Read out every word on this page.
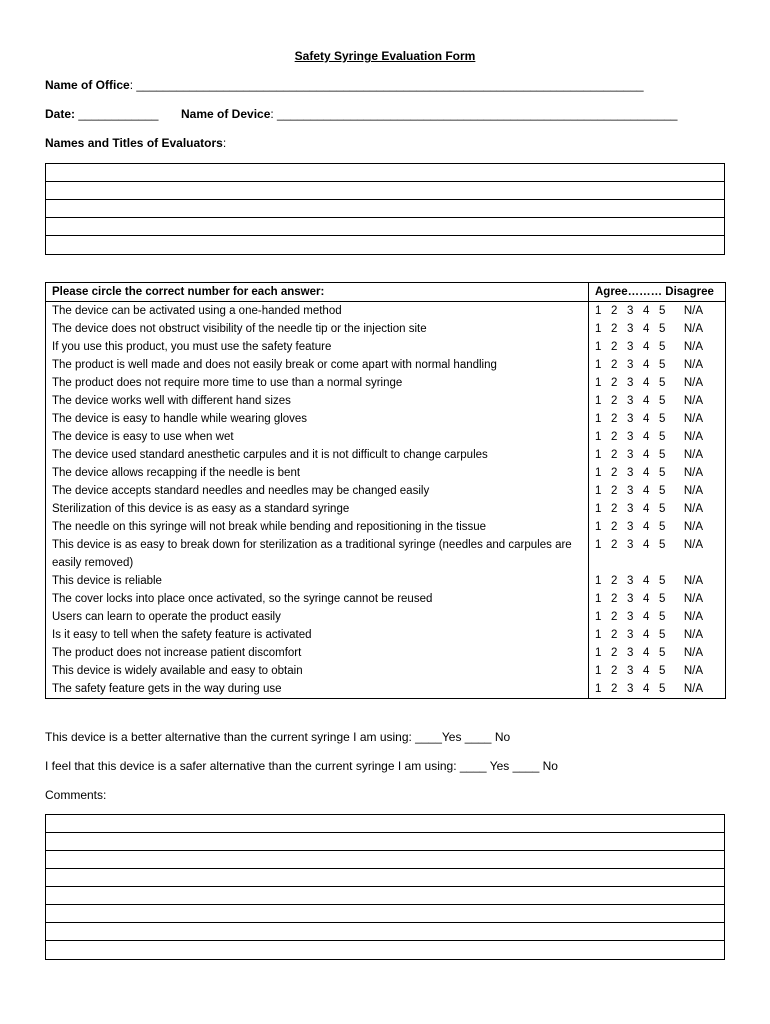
Safety Syringe Evaluation Form
Name of Office: ____________________________________________________________________________
Date: ____________ Name of Device: ____________________________________________________________
Names and Titles of Evaluators:
Please circle the correct number for each answer:	Agree……… Disagree
The device can be activated using a one-handed method	1 2 3 4 5 N/A
The device does not obstruct visibility of the needle tip or the injection site	1 2 3 4 5 N/A
If you use this product, you must use the safety feature	1 2 3 4 5 N/A
The product is well made and does not easily break or come apart with normal handling	1 2 3 4 5 N/A
The product does not require more time to use than a normal syringe	1 2 3 4 5 N/A
The device works well with different hand sizes	1 2 3 4 5 N/A
The device is easy to handle while wearing gloves	1 2 3 4 5 N/A
The device is easy to use when wet	1 2 3 4 5 N/A
The device used standard anesthetic carpules and it is not difficult to change carpules	1 2 3 4 5 N/A
The device allows recapping if the needle is bent	1 2 3 4 5 N/A
The device accepts standard needles and needles may be changed easily	1 2 3 4 5 N/A
Sterilization of this device is as easy as a standard syringe	1 2 3 4 5 N/A
The needle on this syringe will not break while bending and repositioning in the tissue	1 2 3 4 5 N/A
This device is as easy to break down for sterilization as a traditional syringe (needles and carpules are easily removed)	1 2 3 4 5 N/A
This device is reliable	1 2 3 4 5 N/A
The cover locks into place once activated, so the syringe cannot be reused	1 2 3 4 5 N/A
Users can learn to operate the product easily	1 2 3 4 5 N/A
Is it easy to tell when the safety feature is activated	1 2 3 4 5 N/A
The product does not increase patient discomfort	1 2 3 4 5 N/A
This device is widely available and easy to obtain	1 2 3 4 5 N/A
The safety feature gets in the way during use	1 2 3 4 5 N/A
This device is a better alternative than the current syringe I am using: ____Yes ____ No
I feel that this device is a safer alternative than the current syringe I am using: ____ Yes ____ No
Comments:
